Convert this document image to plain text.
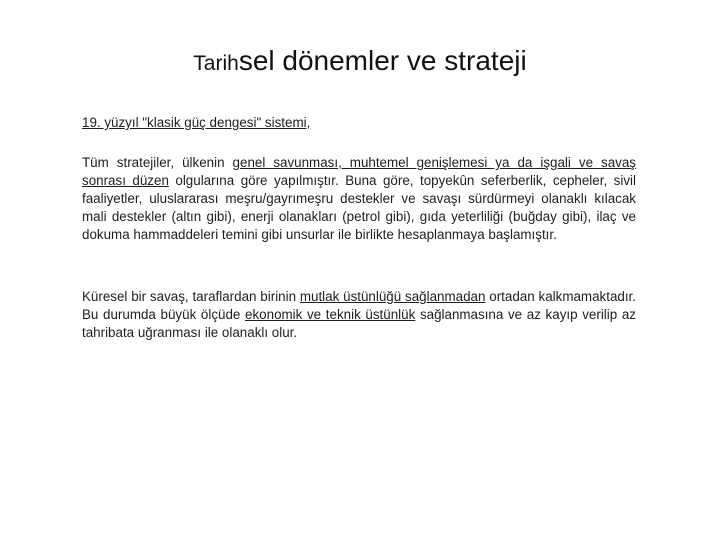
Tarihsel dönemler ve strateji

19. yüzyıl "klasik güç dengesi" sistemi,

Tüm stratejiler, ülkenin genel savunması, muhtemel genişlemesi ya da işgali ve savaş sonrası düzen olgularına göre yapılmıştır. Buna göre, topyekûn seferberlik, cepheler, sivil faaliyetler, uluslararası meşru/gayrımeşru destekler ve savaşı sürdürmeyi olanaklı kılacak mali destekler (altın gibi), enerji olanakları (petrol gibi), gıda yeterliliği (buğday gibi), ilaç ve dokuma hammaddeleri temini gibi unsurlar ile birlikte hesaplanmaya başlamıştır.

Küresel bir savaş, taraflardan birinin mutlak üstünlüğü sağlanmadan ortadan kalkmamaktadır. Bu durumda büyük ölçüde ekonomik ve teknik üstünlük sağlanmasına ve az kayıp verilip az tahribata uğranması ile olanaklı olur.
